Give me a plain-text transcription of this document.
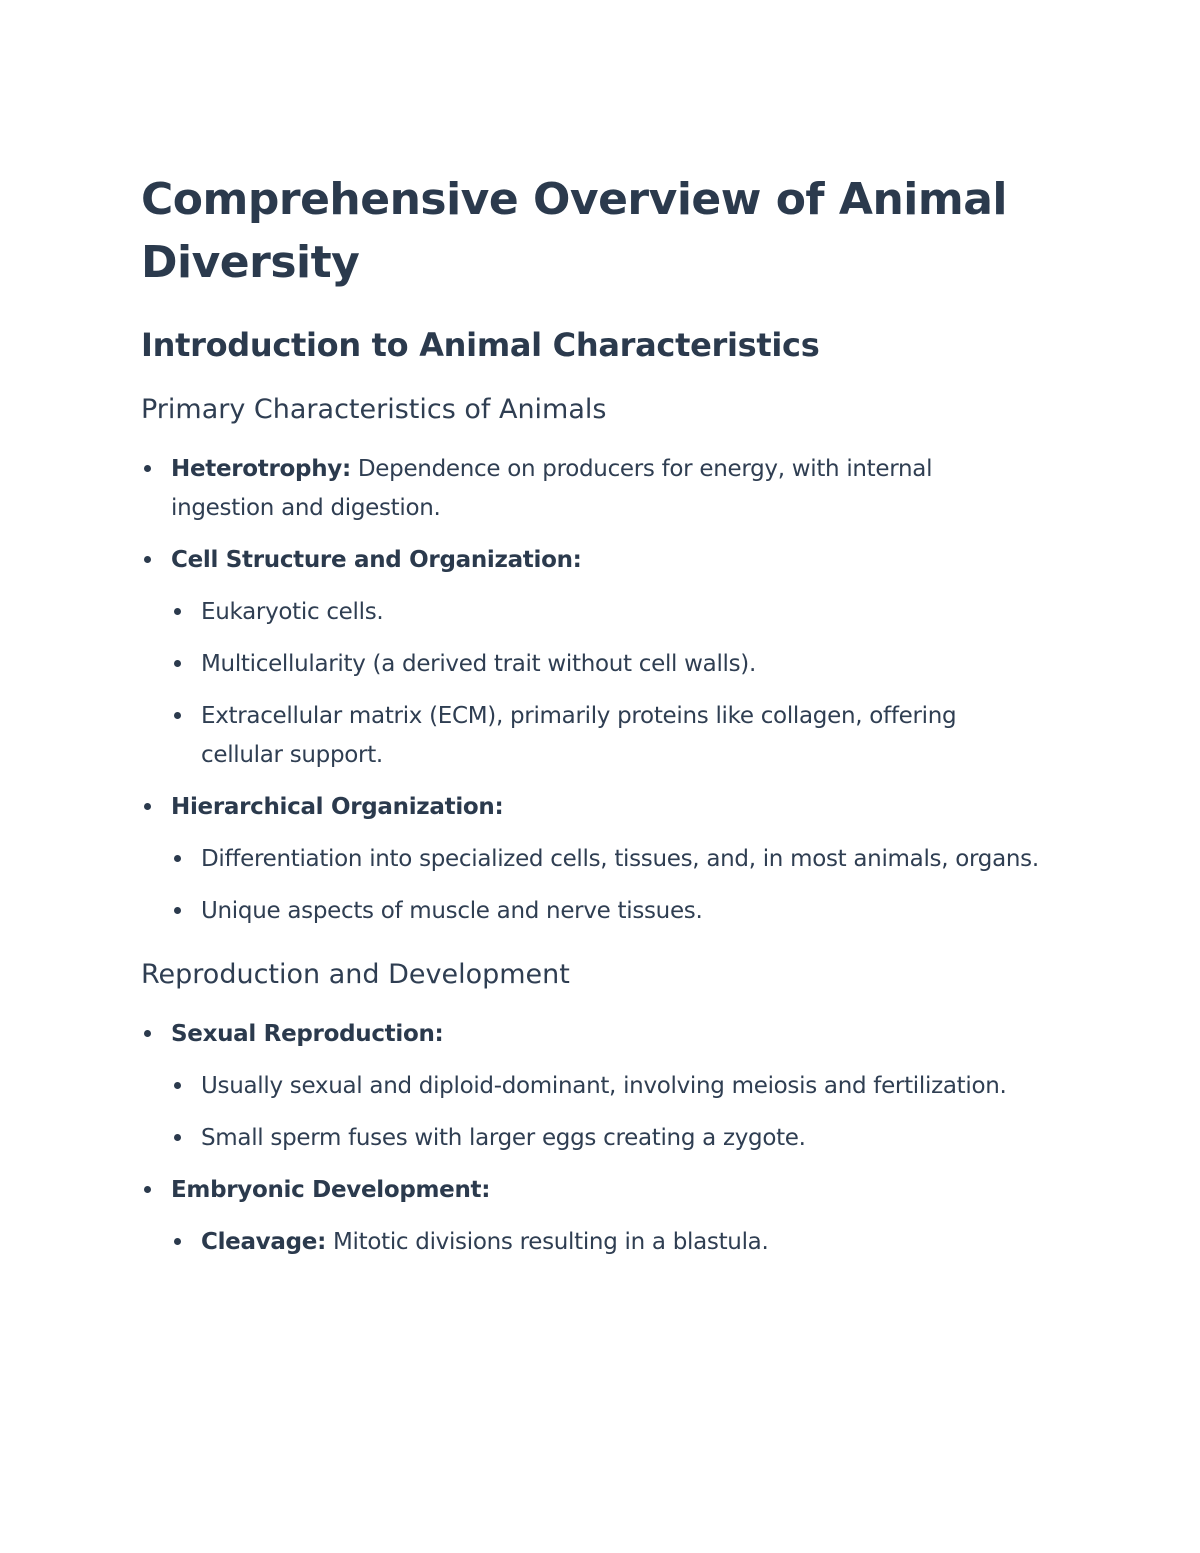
Comprehensive Overview of Animal Diversity
Introduction to Animal Characteristics
Primary Characteristics of Animals
Heterotrophy: Dependence on producers for energy, with internal ingestion and digestion.
Cell Structure and Organization:
Eukaryotic cells.
Multicellularity (a derived trait without cell walls).
Extracellular matrix (ECM), primarily proteins like collagen, offering cellular support.
Hierarchical Organization:
Differentiation into specialized cells, tissues, and, in most animals, organs.
Unique aspects of muscle and nerve tissues.
Reproduction and Development
Sexual Reproduction:
Usually sexual and diploid-dominant, involving meiosis and fertilization.
Small sperm fuses with larger eggs creating a zygote.
Embryonic Development:
Cleavage: Mitotic divisions resulting in a blastula.
